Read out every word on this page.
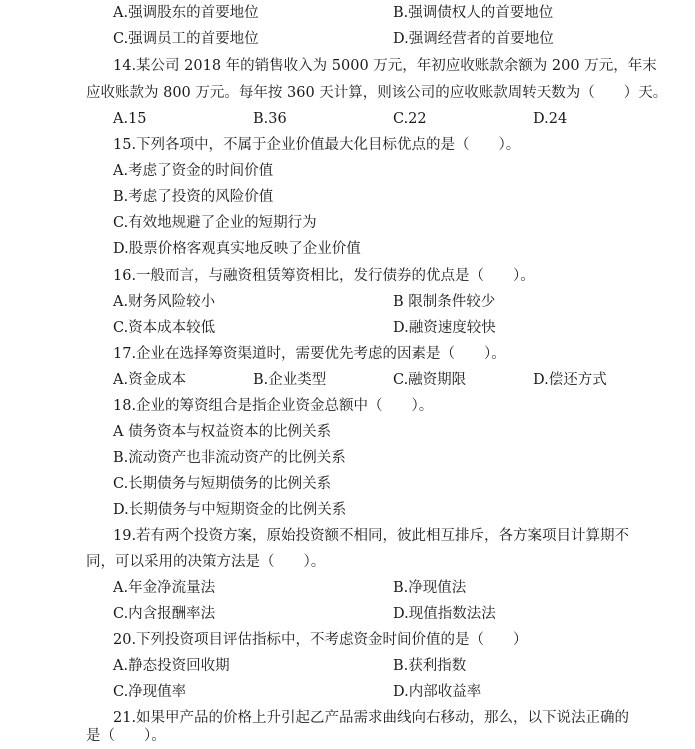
A.强调股东的首要地位	B.强调债权人的首要地位
C.强调员工的首要地位	D.强调经营者的首要地位
14.某公司 2018 年的销售收入为 5000 万元，年初应收账款余额为 200 万元，年末
应收账款为 800 万元。每年按 360 天计算，则该公司的应收账款周转天数为（　　）天。
A.15	B.36	C.22	D.24
15.下列各项中，不属于企业价值最大化目标优点的是（　　）。
A.考虑了资金的时间价值
B.考虑了投资的风险价值
C.有效地规避了企业的短期行为
D.股票价格客观真实地反映了企业价值
16.一般而言，与融资租赁筹资相比，发行债券的优点是（　　）。
A.财务风险较小	B 限制条件较少
C.资本成本较低	D.融资速度较快
17.企业在选择筹资渠道时，需要优先考虑的因素是（　　）。
A.资金成本	B.企业类型	C.融资期限	D.偿还方式
18.企业的筹资组合是指企业资金总额中（　　）。
A 债务资本与权益资本的比例关系
B.流动资产也非流动资产的比例关系
C.长期债务与短期债务的比例关系
D.长期债务与中短期资金的比例关系
19.若有两个投资方案，原始投资额不相同，彼此相互排斥，各方案项目计算期不
同，可以采用的决策方法是（　　）。
A.年金净流量法	B.净现值法
C.内含报酬率法	D.现值指数法法
20.下列投资项目评估指标中，不考虑资金时间价值的是（　　）
A.静态投资回收期	B.获利指数
C.净现值率	D.内部收益率
21.如果甲产品的价格上升引起乙产品需求曲线向右移动，那么，以下说法正确的
是（　　）。
